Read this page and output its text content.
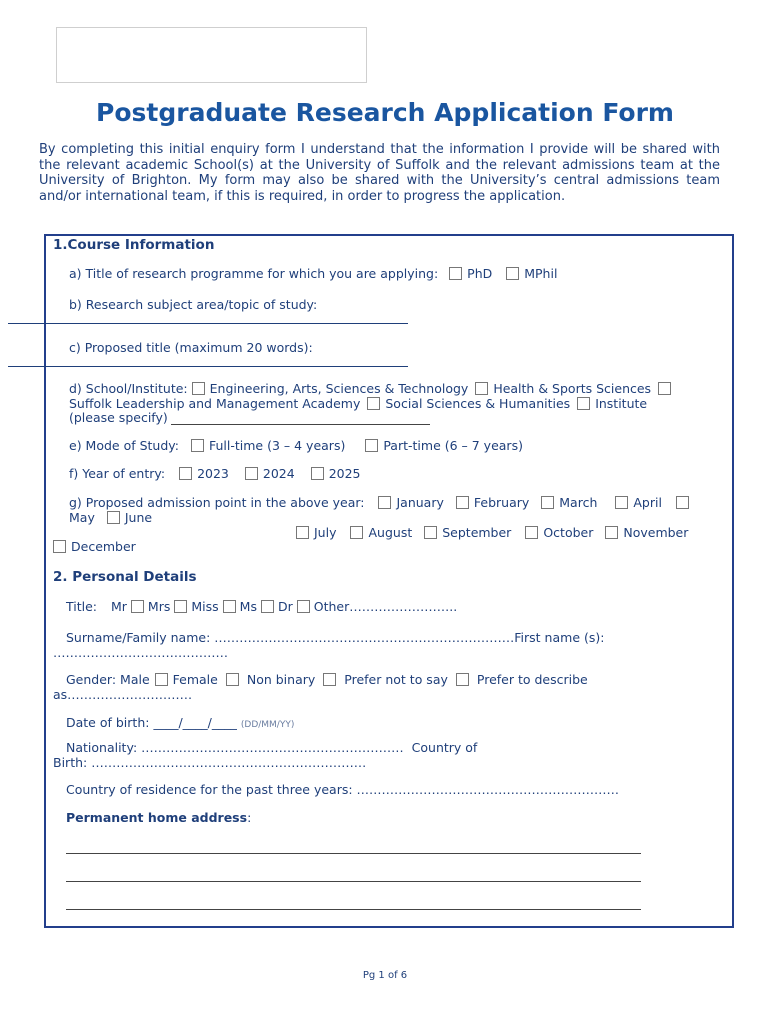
Postgraduate Research Application Form
By completing this initial enquiry form I understand that the information I provide will be shared with the relevant academic School(s) at the University of Suffolk and the relevant admissions team at the University of Brighton. My form may also be shared with the University’s central admissions team and/or international team, if this is required, in order to progress the application.
1.Course Information
a) Title of research programme for which you are applying: PhD	MPhil
b) Research subject area/topic of study:
c) Proposed title (maximum 20 words):
d) School/Institute: Engineering, Arts, Sciences & Technology Health & Sports Sciences
Suffolk Leadership and Management Academy Social Sciences & Humanities Institute
(please specify)
e) Mode of Study: Full-time (3 – 4 years)	Part-time (6 – 7 years)
f) Year of entry:	2023	2024	2025
g) Proposed admission point in the above year:	January February March	April
May June
July	August September	October November
December
2. Personal Details
Title: Mr Mrs Miss Ms Dr Other……………………..
Surname/Family name: ………………………………………………………………First name (s):
……………………………………
Gender: Male Female Non binary Prefer not to say Prefer to describe
as…………………………
Date of birth: ____/____/____ (DD/MM/YY)
Nationality: ……………………………………………………… Country of
Birth: …………………………………………………………
Country of residence for the past three years: ………………………………………………………
Permanent home address:
Pg 1 of 6
